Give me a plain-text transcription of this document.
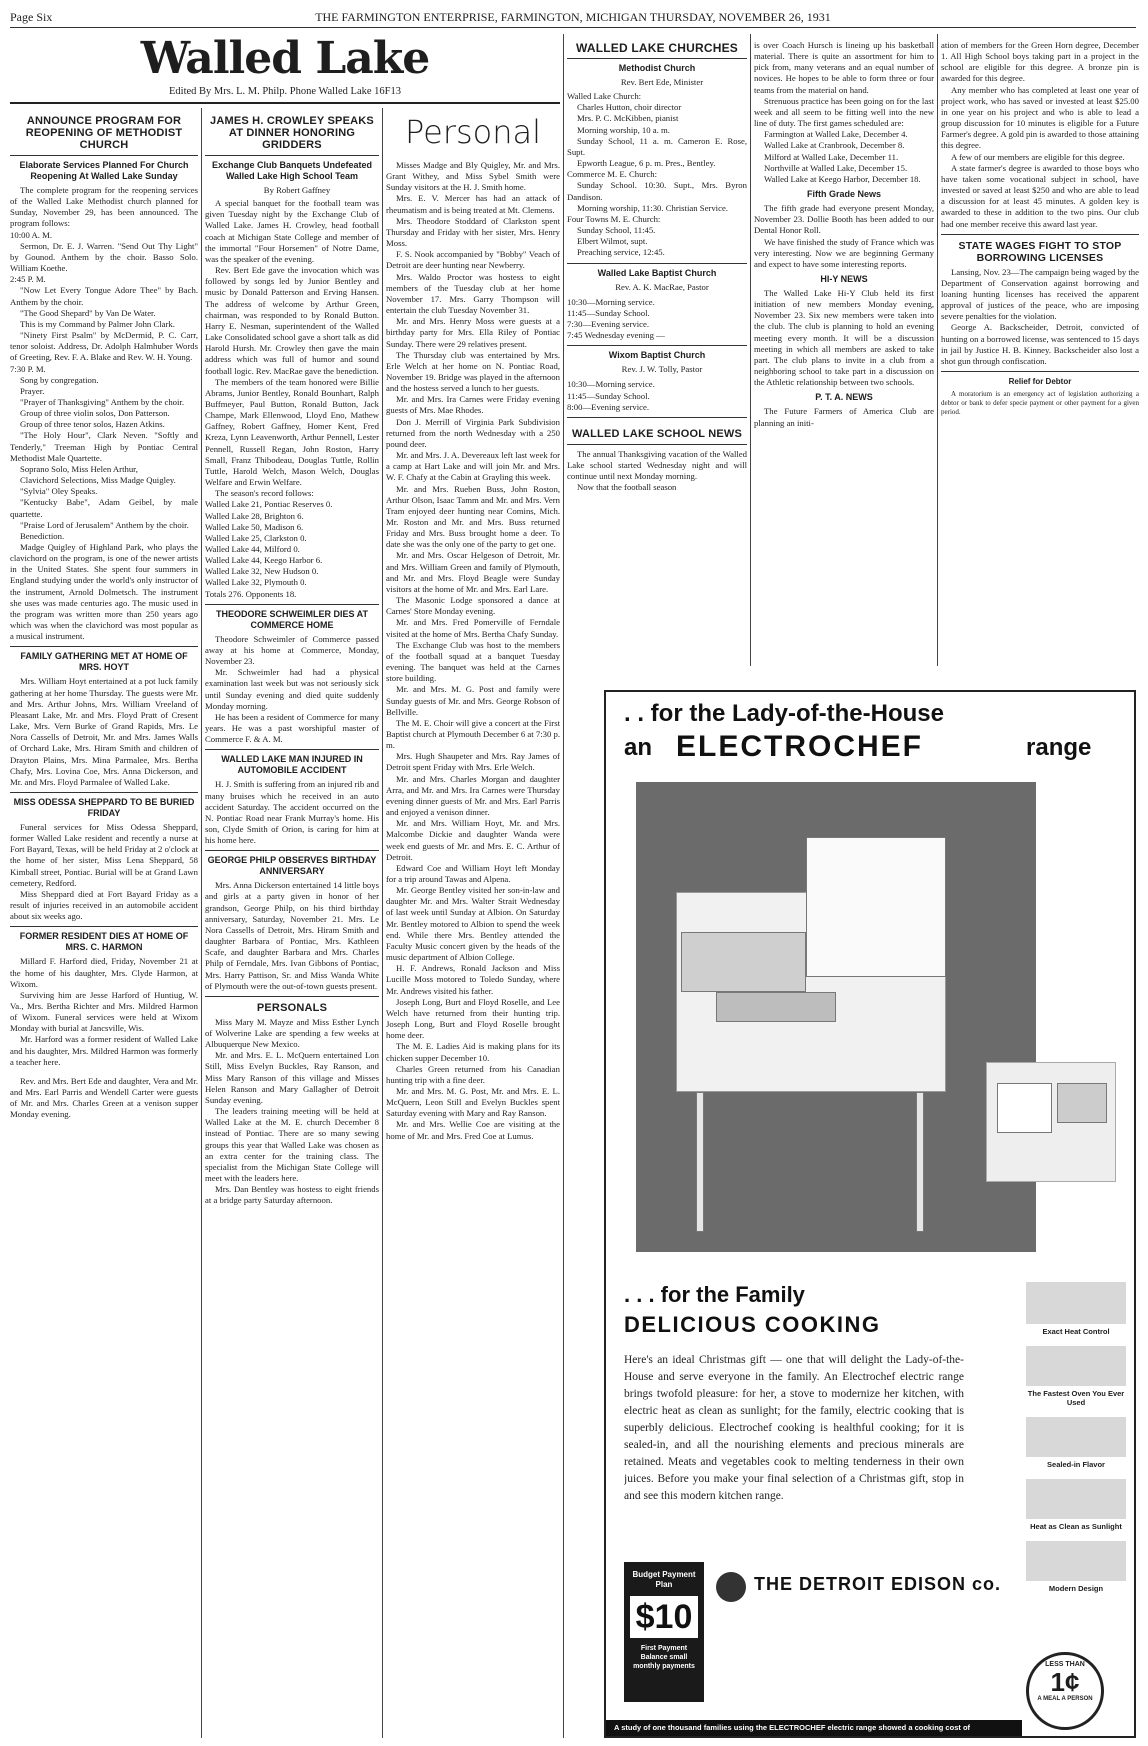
Page Six	THE FARMINGTON ENTERPRISE, FARMINGTON, MICHIGAN THURSDAY, NOVEMBER 26, 1931
Walled Lake
Edited By Mrs. L. M. Philp. Phone Walled Lake 16F13
ANNOUNCE PROGRAM FOR REOPENING OF METHODIST CHURCH
Elaborate Services Planned For Church Reopening At Walled Lake Sunday

The complete program for the reopening services of the Walled Lake Methodist church planned for Sunday, November 29, has been announced. The program follows:

10:00 A. M.

Sermon, Dr. E. J. Warren. "Send Out Thy Light" by Gounod. Anthem by the choir. Basso Solo. William Koethe.

2:45 P. M.

"Now Let Every Tongue Adore Thee" by Bach. Anthem by the choir.

"The Good Shepard" by Van De Water.

This is my Command by Palmer John Clark.

"Ninety First Psalm" by McDermid, P. C. Carr, tenor soloist. Address, Dr. Adolph Halmhuber Words of Greeting, Rev. F. A. Blake and Rev. W. H. Young.

7:30 P. M.

Song by congregation.

Prayer.

"Prayer of Thanksgiving" Anthem by the choir.

Group of three violin solos, Don Patterson.

Group of three tenor solos, Hazen Atkins.

"The Holy Hour", Clark Neven. "Softly and Tenderly," Treeman High by Pontiac Central Methodist Male Quartette.

Soprano Solo, Miss Helen Arthur,

Clavichord Selections, Miss Madge Quigley.

"Sylvia" Oley Speaks.

"Kentucky Babe", Adam Geibel, by male quartette.

"Praise Lord of Jerusalem" Anthem by the choir.

Benediction.

Madge Quigley of Highland Park, who plays the clavichord on the program, is one of the newer artists in the United States. She spent four summers in England studying under the world's only instructor of the instrument, Arnold Dolmetsch. The instrument she uses was made centuries ago. The music used in the program was written more than 250 years ago which was when the clavichord was most popular as a musical instrument.

FAMILY GATHERING MET AT HOME OF MRS. HOYT

Mrs. William Hoyt entertained at a pot luck family gathering at her home Thursday. The guests were Mr. and Mrs. Arthur Johns, Mrs. William Vreeland of Pleasant Lake, Mr. and Mrs. Floyd Pratt of Cresent Lake, Mrs. Vern Burke of Grand Rapids, Mrs. Le Nora Cassells of Detroit, Mr. and Mrs. James Walls of Orchard Lake, Mrs. Hiram Smith and children of Drayton Plains, Mrs. Mina Parmalee, Mrs. Bertha Chafy, Mrs. Lovina Coe, Mrs. Anna Dickerson, and Mr. and Mrs. Floyd Parmalee of Walled Lake.

MISS ODESSA SHEPPARD TO BE BURIED FRIDAY

Funeral services for Miss Odessa Sheppard, former Walled Lake resident and recently a nurse at Fort Bayard, Texas, will be held Friday at 2 o'clock at the home of her sister, Miss Lena Sheppard, 58 Kimball street, Pontiac. Burial will be at Grand Lawn cemetery, Redford.

Miss Sheppard died at Fort Bayard Friday as a result of injuries received in an automobile accident about six weeks ago.

FORMER RESIDENT DIES AT HOME OF MRS. C. HARMON

Millard F. Harford died, Friday, November 21 at the home of his daughter, Mrs. Clyde Harmon, at Wixom.

Surviving him are Jesse Harford of Huntiug, W. Va., Mrs. Bertha Richter and Mrs. Mildred Harmon of Wixom. Funeral services were held at Wixom Monday with burial at Jancsville, Wis.

Mr. Harford was a former resident of Walled Lake and his daughter, Mrs. Mildred Harmon was formerly a teacher here.

Rev. and Mrs. Bert Ede and daughter, Vera and Mr. and Mrs. Earl Parris and Wendell Carter were guests of Mr. and Mrs. Charles Green at a venison supper Monday evening.

JAMES H. CROWLEY SPEAKS AT DINNER HONORING GRIDDERS
Exchange Club Banquets Undefeated Walled Lake High School Team

By Robert Gaffney

A special banquet for the football team was given Tuesday night by the Exchange Club of Walled Lake. James H. Crowley, head football coach at Michigan State College and member of the immortal "Four Horsemen" of Notre Dame, was the speaker of the evening.

Rev. Bert Ede gave the invocation which was followed by songs led by Junior Bentley and music by Donald Patterson and Erving Hansen. The address of welcome by Arthur Green, chairman, was responded to by Ronald Button. Harry E. Nesman, superintendent of the Walled Lake Consolidated school gave a short talk as did Harold Hursh. Mr. Crowley then gave the main address which was full of humor and sound football logic. Rev. MacRae gave the benediction.

The members of the team honored were Billie Abrams, Junior Bentley, Ronald Bounhart, Ralph Buffmeyer, Paul Button, Ronald Button, Jack Champe, Mark Ellenwood, Lloyd Eno, Mathew Gaffney, Robert Gaffney, Homer Kent, Fred Kreza, Lynn Leavenworth, Arthur Pennell, Lester Pennell, Russell Regan, John Roston, Harry Small, Franz Thibodeau, Douglas Tuttle, Rollin Tuttle, Harold Welch, Mason Welch, Douglas Welfare and Erwin Welfare.

The season's record follows:

Walled Lake 21, Pontiac Reserves 0.

Walled Lake 28, Brighton 6.

Walled Lake 50, Madison 6.

Walled Lake 25, Clarkston 0.

Walled Lake 44, Milford 0.

Walled Lake 44, Keego Harbor 6.

Walled Lake 32, New Hudson 0.

Walled Lake 32, Plymouth 0.

Totals 276. Opponents 18.

THEODORE SCHWEIMLER DIES AT COMMERCE HOME

Theodore Schweimler of Commerce passed away at his home at Commerce, Monday, November 23.

Mr. Schweimler had had a physical examination last week but was not seriously sick until Sunday evening and died quite suddenly Monday morning.

He has been a resident of Commerce for many years. He was a past worshipful master of Commerce F. & A. M.

WALLED LAKE MAN INJURED IN AUTOMOBILE ACCIDENT

H. J. Smith is suffering from an injured rib and many bruises which he received in an auto accident Saturday. The accident occurred on the N. Pontiac Road near Frank Murray's home. His son, Clyde Smith of Orion, is caring for him at his home here.

GEORGE PHILP OBSERVES BIRTHDAY ANNIVERSARY

Mrs. Anna Dickerson entertained 14 little boys and girls at a party given in honor of her grandson, George Philp, on his third birthday anniversary, Saturday, November 21. Mrs. Le Nora Cassells of Detroit, Mrs. Hiram Smith and daughter Barbara of Pontiac, Mrs. Kathleen Scafe, and daughter Barbara and Mrs. Charles Philp of Ferndale, Mrs. Ivan Gibbons of Pontiac, Mrs. Harry Pattison, Sr. and Miss Wanda White of Plymouth were the out-of-town guests present.

PERSONALS

Miss Mary M. Mayze and Miss Esther Lynch of Wolverine Lake are spending a few weeks at Albuquerque New Mexico.

Mr. and Mrs. E. L. McQuern entertained Lon Still, Miss Evelyn Buckles, Ray Ranson, and Miss Mary Ranson of this village and Misses Helen Ranson and Mary Gallagher of Detroit Sunday evening.

The leaders training meeting will be held at Walled Lake at the M. E. church December 8 instead of Pontiac. There are so many sewing groups this year that Walled Lake was chosen as an extra center for the training class. The specialist from the Michigan State College will meet with the leaders here.

Mrs. Dan Bentley was hostess to eight friends at a bridge party Saturday afternoon.

Personal

Misses Madge and Bly Quigley, Mr. and Mrs. Grant Withey, and Miss Sybel Smith were Sunday visitors at the H. J. Smith home.

Mrs. E. V. Mercer has had an attack of rheumatism and is being treated at Mt. Clemens.

Mrs. Theodore Stoddard of Clarkston spent Thursday and Friday with her sister, Mrs. Henry Moss.

F. S. Nook accompanied by "Bobby" Veach of Detroit are deer hunting near Newberry.

Mrs. Waldo Proctor was hostess to eight members of the Tuesday club at her home November 17. Mrs. Garry Thompson will entertain the club Tuesday November 31.

Mr. and Mrs. Henry Moss were guests at a birthday party for Mrs. Ella Riley of Pontiac Sunday. There were 29 relatives present.

The Thursday club was entertained by Mrs. Erle Welch at her home on N. Pontiac Road, November 19. Bridge was played in the afternoon and the hostess served a lunch to her guests.

Mr. and Mrs. Ira Carnes were Friday evening guests of Mrs. Mae Rhodes.

Don J. Merrill of Virginia Park Subdivision returned from the north Wednesday with a 250 pound deer.

Mr. and Mrs. J. A. Devereaux left last week for a camp at Hart Lake and will join Mr. and Mrs. W. F. Chafy at the Cabin at Grayling this week.

Mr. and Mrs. Rueben Buss, John Roston, Arthur Olson, Isaac Tamm and Mr. and Mrs. Vern Tram enjoyed deer hunting near Comins, Mich. Mr. Roston and Mr. and Mrs. Buss returned Friday and Mrs. Buss brought home a deer. To date she was the only one of the party to get one.

Mr. and Mrs. Oscar Helgeson of Detroit, Mr. and Mrs. William Green and family of Plymouth, and Mr. and Mrs. Floyd Beagle were Sunday visitors at the home of Mr. and Mrs. Earl Lare.

The Masonic Lodge sponsored a dance at Carnes' Store Monday evening.

Mr. and Mrs. Fred Pomerville of Ferndale visited at the home of Mrs. Bertha Chafy Sunday.

The Exchange Club was host to the members of the football squad at a banquet Tuesday evening. The banquet was held at the Carnes store building.

Mr. and Mrs. M. G. Post and family were Sunday guests of Mr. and Mrs. George Robson of Bellville.

The M. E. Choir will give a concert at the First Baptist church at Plymouth December 6 at 7:30 p. m.

Mrs. Hugh Shaupeter and Mrs. Ray James of Detroit spent Friday with Mrs. Erle Welch.

Mr. and Mrs. Charles Morgan and daughter Arra, and Mr. and Mrs. Ira Carnes were Thursday evening dinner guests of Mr. and Mrs. Earl Parris and enjoyed a venison dinner.

Mr. and Mrs. William Hoyt, Mr. and Mrs. Malcombe Dickie and daughter Wanda were week end guests of Mr. and Mrs. E. C. Arthur of Detroit.

Edward Coe and William Hoyt left Monday for a trip around Tawas and Alpena.

Mr. George Bentley visited her son-in-law and daughter Mr. and Mrs. Walter Strait Wednesday of last week until Sunday at Albion. On Saturday Mr. Bentley motored to Albion to spend the week end. While there Mrs. Bentley attended the Faculty Music concert given by the heads of the music department of Albion College.

H. F. Andrews, Ronald Jackson and Miss Lucille Moss motored to Toledo Sunday, where Mr. Andrews visited his father.

Joseph Long, Burt and Floyd Roselle, and Lee Welch have returned from their hunting trip. Joseph Long, Burt and Floyd Roselle brought home deer.

The M. E. Ladies Aid is making plans for its chicken supper December 10.

Charles Green returned from his Canadian hunting trip with a fine deer.

Mr. and Mrs. M. G. Post, Mr. and Mrs. E. L. McQuern, Leon Still and Evelyn Buckles spent Saturday evening with Mary and Ray Ranson.

Mr. and Mrs. Wellie Coe are visiting at the home of Mr. and Mrs. Fred Coe at Lumus.

WALLED LAKE CHURCHES
Methodist Church

Rev. Bert Ede, Minister

Walled Lake Church:

Charles Hutton, choir director

Mrs. P. C. McKibben, pianist

Morning worship, 10 a. m.

Sunday School, 11 a. m. Cameron E. Rose, Supt.

Epworth League, 6 p. m. Pres., Bentley.

Commerce M. E. Church:

Sunday School. 10:30. Supt., Mrs. Byron Dandison.

Morning worship, 11:30. Christian Service.

Four Towns M. E. Church:

Sunday School, 11:45.

Elbert Wilmot, supt.

Preaching service, 12:45.

Walled Lake Baptist Church

Rev. A. K. MacRae, Pastor

10:30—Morning service.

11:45—Sunday School.

7:30—Evening service.

7:45 Wednesday evening —

Wixom Baptist Church

Rev. J. W. Tolly, Pastor

10:30—Morning service.

11:45—Sunday School.

8:00—Evening service.

WALLED LAKE SCHOOL NEWS

The annual Thanksgiving vacation of the Walled Lake school started Wednesday night and will continue until next Monday morning.

Now that the football season

is over Coach Hursch is lineing up his basketball material. There is quite an assortment for him to pick from, many veterans and an equal number of novices. He hopes to be able to form three or four teams from the material on hand.

Strenuous practice has been going on for the last week and all seem to be fitting well into the new line of duty. The first games scheduled are:

Farmington at Walled Lake, December 4.

Walled Lake at Cranbrook, December 8.

Milford at Walled Lake, December 11.

Northville at Walled Lake, December 15.

Walled Lake at Keego Harbor, December 18.

Fifth Grade News

The fifth grade had everyone present Monday, November 23. Dollie Booth has been added to our Dental Honor Roll.

We have finished the study of France which was very interesting. Now we are beginning Germany and expect to have some interesting reports.

HI-Y NEWS

The Walled Lake Hi-Y Club held its first initiation of new members Monday evening, November 23. Six new members were taken into the club. The club is planning to hold an evening meeting every month. It will be a discussion meeting in which all members are asked to take part. The club plans to invite in a club from a neighboring school to take part in a discussion on the Athletic relationship between two schools.

P. T. A. NEWS

The Future Farmers of America Club are planning an initi-

ation of members for the Green Horn degree, December 1. All High School boys taking part in a project in the school are eligible for this degree. A bronze pin is awarded for this degree.

Any member who has completed at least one year of project work, who has saved or invested at least $25.00 in one year on his project and who is able to lead a group discussion for 10 minutes is eligible for a Future Farmer's degree. A gold pin is awarded to those attaining this degree.

A few of our members are eligible for this degree.

A state farmer's degree is awarded to those boys who have taken some vocational subject in school, have invested or saved at least $250 and who are able to lead a discussion for at least 45 minutes. A golden key is awarded to these in addition to the two pins. Our club had one member receive this award last year.

STATE WAGES FIGHT TO STOP BORROWING LICENSES

Lansing, Nov. 23—The campaign being waged by the Department of Conservation against borrowing and loaning hunting licenses has received the apparent approval of justices of the peace, who are imposing severe penalties for the violation.

George A. Backscheider, Detroit, convicted of hunting on a borrowed license, was sentenced to 15 days in jail by Justice H. B. Kinney. Backscheider also lost a shot gun through confiscation.

Relief for Debtor

A moratorium is an emergency act of legislation authorizing a debtor or bank to defer specie payment or other payment for a given period.

. . for the Lady-of-the-House
an ELECTROCHEF	range
. . . for the Family
DELICIOUS COOKING
Here's an ideal Christmas gift — one that will delight the Lady-of-the-House and serve everyone in the family. An Electrochef electric range brings twofold pleasure: for her, a stove to modernize her kitchen, with electric heat as clean as sunlight; for the family, electric cooking that is superbly delicious. Electrochef cooking is healthful cooking; for it is sealed-in, and all the nourishing elements and precious minerals are retained. Meats and vegetables cook to melting tenderness in their own juices. Before you make your final selection of a Christmas gift, stop in and see this modern kitchen range.
Exact Heat Control
The Fastest Oven You Ever Used
Sealed-in Flavor
Heat as Clean as Sunlight
Modern Design
Budget Payment Plan
$10
First Payment Balance small monthly payments
THE DETROIT EDISON co.
LESS THAN
1¢
A MEAL A PERSON
A study of one thousand families using the ELECTROCHEF electric range showed a cooking cost of
